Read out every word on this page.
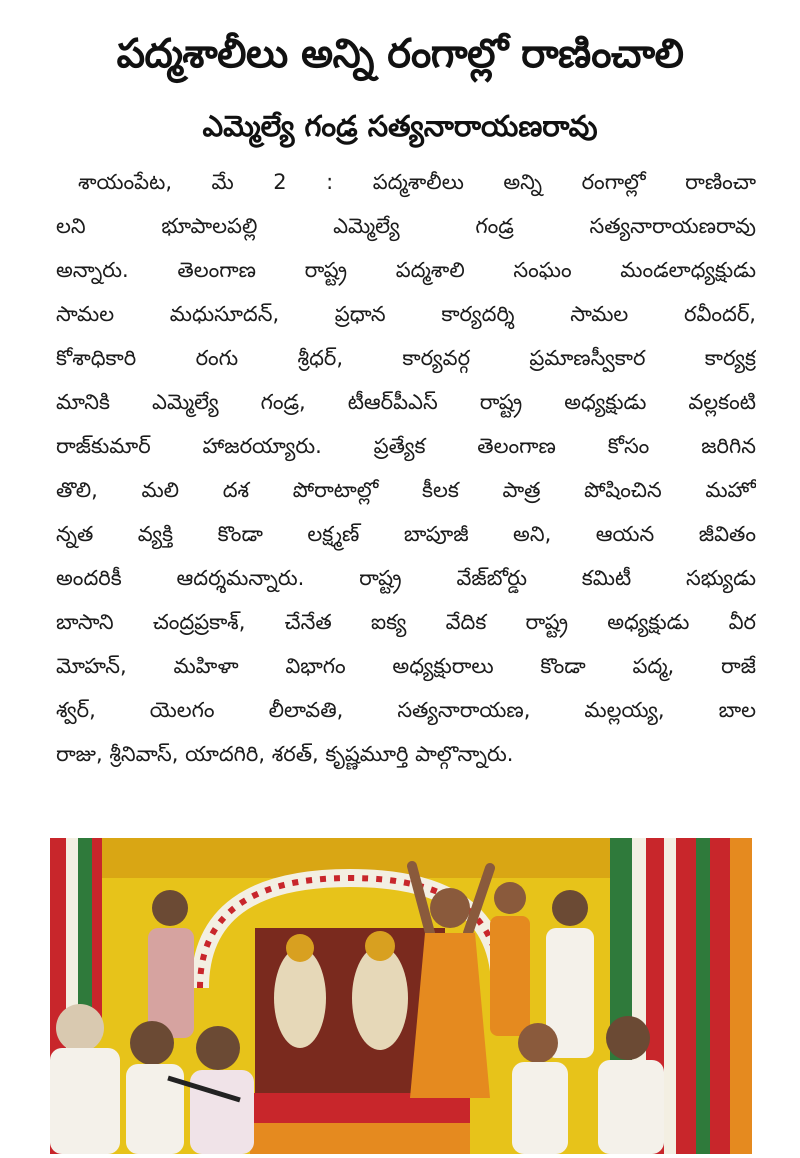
పద్మశాలీలు అన్ని రంగాల్లో రాణించాలి
ఎమ్మెల్యే గండ్ర సత్యనారాయణరావు
శాయంపేట, మే 2 : పద్మశాలీలు అన్ని రంగాల్లో రాణించా
లని భూపాలపల్లి ఎమ్మెల్యే గండ్ర సత్యనారాయణరావు
అన్నారు. తెలంగాణ రాష్ట్ర పద్మశాలి సంఘం మండలాధ్యక్షుడు
సామల మధుసూదన్, ప్రధాన కార్యదర్శి సామల రవీందర్,
కోశాధికారి రంగు శ్రీధర్, కార్యవర్గ ప్రమాణస్వీకార కార్యక్ర
మానికి ఎమ్మెల్యే గండ్ర, టీఆర్‌పీఎస్ రాష్ట్ర అధ్యక్షుడు వల్లకంటి
రాజ్‌కుమార్ హాజరయ్యారు. ప్రత్యేక తెలంగాణ కోసం జరిగిన
తొలి, మలి దశ పోరాటాల్లో కీలక పాత్ర పోషించిన మహో
న్నత వ్యక్తి కొండా లక్ష్మణ్ బాపూజీ అని, ఆయన జీవితం
అందరికీ ఆదర్శమన్నారు. రాష్ట్ర వేజ్‌బోర్డు కమిటీ సభ్యుడు
బాసాని చంద్రప్రకాశ్, చేనేత ఐక్య వేదిక రాష్ట్ర అధ్యక్షుడు వీర
మోహన్, మహిళా విభాగం అధ్యక్షురాలు కొండా పద్మ, రాజే
శ్వర్, యెలగం లీలావతి, సత్యనారాయణ, మల్లయ్య, బాల
రాజు, శ్రీనివాస్, యాదగిరి, శరత్, కృష్ణమూర్తి పాల్గొన్నారు.
